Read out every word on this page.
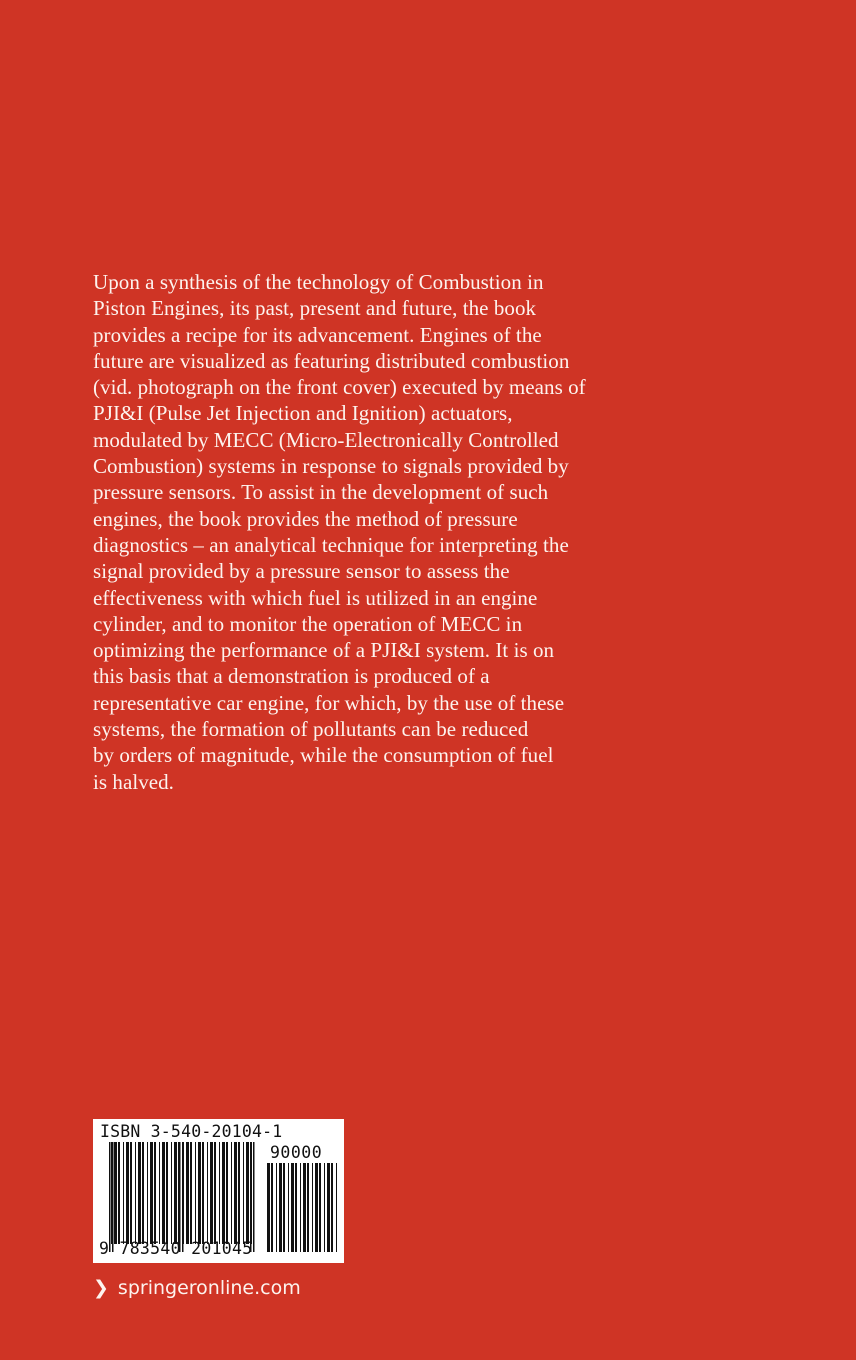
Upon a synthesis of the technology of Combustion in
Piston Engines, its past, present and future, the book
provides a recipe for its advancement. Engines of the
future are visualized as featuring distributed combustion
(vid. photograph on the front cover) executed by means of
PJI&I (Pulse Jet Injection and Ignition) actuators,
modulated by MECC (Micro-Electronically Controlled
Combustion) systems in response to signals provided by
pressure sensors. To assist in the development of such
engines, the book provides the method of pressure
diagnostics – an analytical technique for interpreting the
signal provided by a pressure sensor to assess the
effectiveness with which fuel is utilized in an engine
cylinder, and to monitor the operation of MECC in
optimizing the performance of a PJI&I system. It is on
this basis that a demonstration is produced of a
representative car engine, for which, by the use of these
systems, the formation of pollutants can be reduced
by orders of magnitude, while the consumption of fuel
is halved.
ISBN 3-540-20104-1
90000
9 783540 201045
❯ springeronline.com
